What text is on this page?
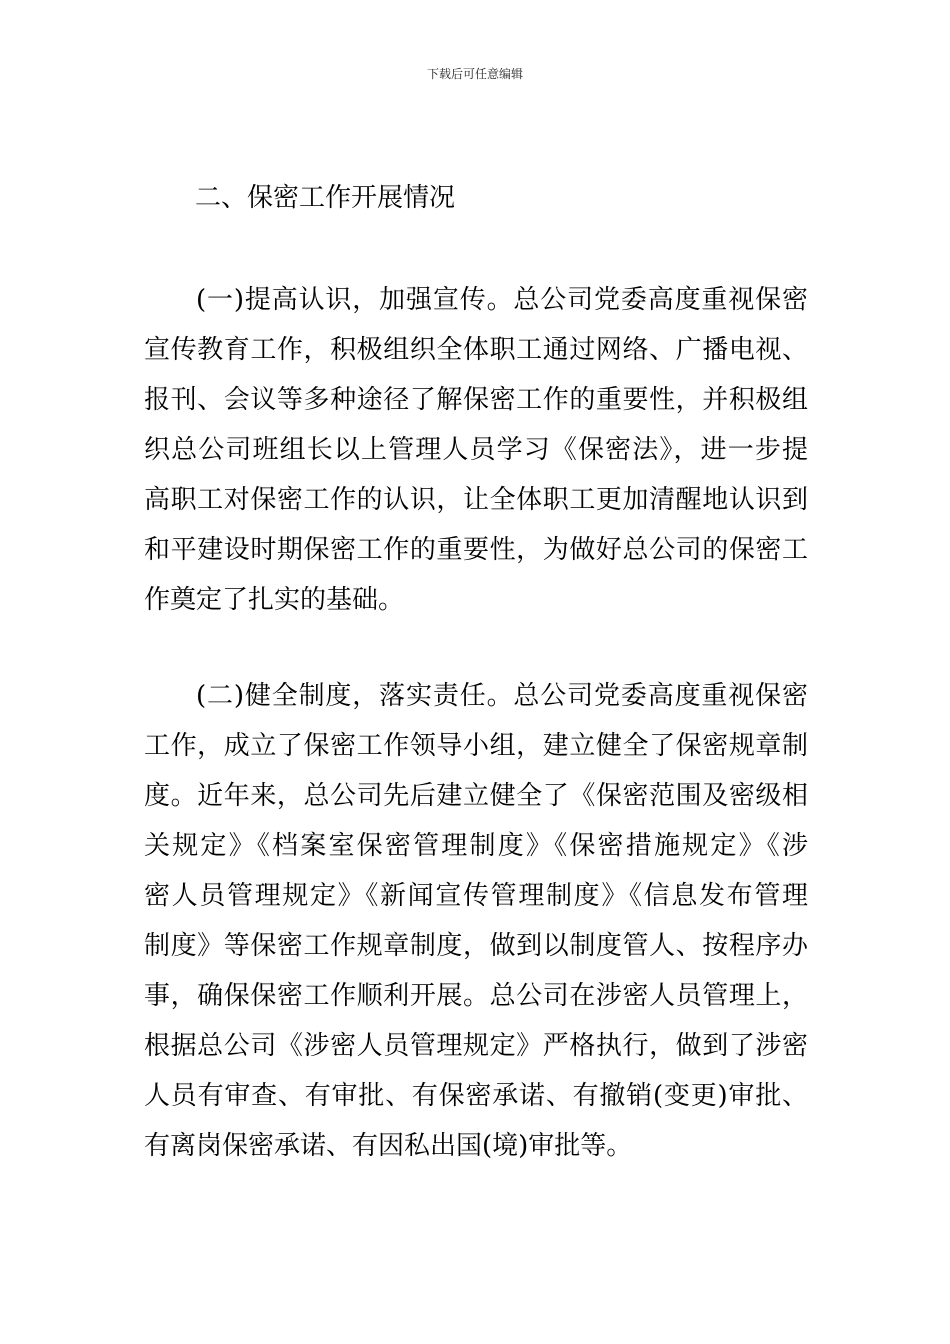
下载后可任意编辑
二、保密工作开展情况
(一)提高认识，加强宣传。总公司党委高度重视保密
宣传教育工作，积极组织全体职工通过网络、广播电视、
报刊、会议等多种途径了解保密工作的重要性，并积极组
织总公司班组长以上管理人员学习《保密法》，进一步提
高职工对保密工作的认识，让全体职工更加清醒地认识到
和平建设时期保密工作的重要性，为做好总公司的保密工
作奠定了扎实的基础。
(二)健全制度，落实责任。总公司党委高度重视保密
工作，成立了保密工作领导小组，建立健全了保密规章制
度。近年来，总公司先后建立健全了《保密范围及密级相
关规定》《档案室保密管理制度》《保密措施规定》《涉
密人员管理规定》《新闻宣传管理制度》《信息发布管理
制度》等保密工作规章制度，做到以制度管人、按程序办
事，确保保密工作顺利开展。总公司在涉密人员管理上，
根据总公司《涉密人员管理规定》严格执行，做到了涉密
人员有审查、有审批、有保密承诺、有撤销(变更)审批、
有离岗保密承诺、有因私出国(境)审批等。
